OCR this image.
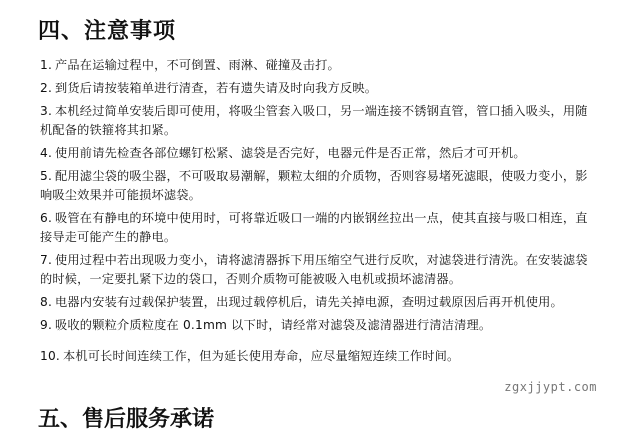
四、注意事项
1. 产品在运输过程中，不可倒置、雨淋、碰撞及击打。
2. 到货后请按装箱单进行清查，若有遗失请及时向我方反映。
3. 本机经过简单安装后即可使用，将吸尘管套入吸口，另一端连接不锈钢直管，管口插入吸头，用随机配备的铁箍将其扣紧。
4. 使用前请先检查各部位螺钉松紧、滤袋是否完好，电器元件是否正常，然后才可开机。
5. 配用滤尘袋的吸尘器，不可吸取易潮解，颗粒太细的介质物，否则容易堵死滤眼，使吸力变小，影响吸尘效果并可能损坏滤袋。
6. 吸管在有静电的环境中使用时，可将靠近吸口一端的内嵌钢丝拉出一点，使其直接与吸口相连，直接导走可能产生的静电。
7. 使用过程中若出现吸力变小，请将滤清器拆下用压缩空气进行反吹，对滤袋进行清洗。在安装滤袋的时候，一定要扎紧下边的袋口，否则介质物可能被吸入电机或损坏滤清器。
8. 电器内安装有过载保护装置，出现过载停机后，请先关掉电源，查明过载原因后再开机使用。
9. 吸收的颗粒介质粒度在 0.1mm 以下时，请经常对滤袋及滤清器进行清洁清理。
10. 本机可长时间连续工作，但为延长使用寿命，应尽量缩短连续工作时间。
zgxjjypt.com
五、售后服务承诺
